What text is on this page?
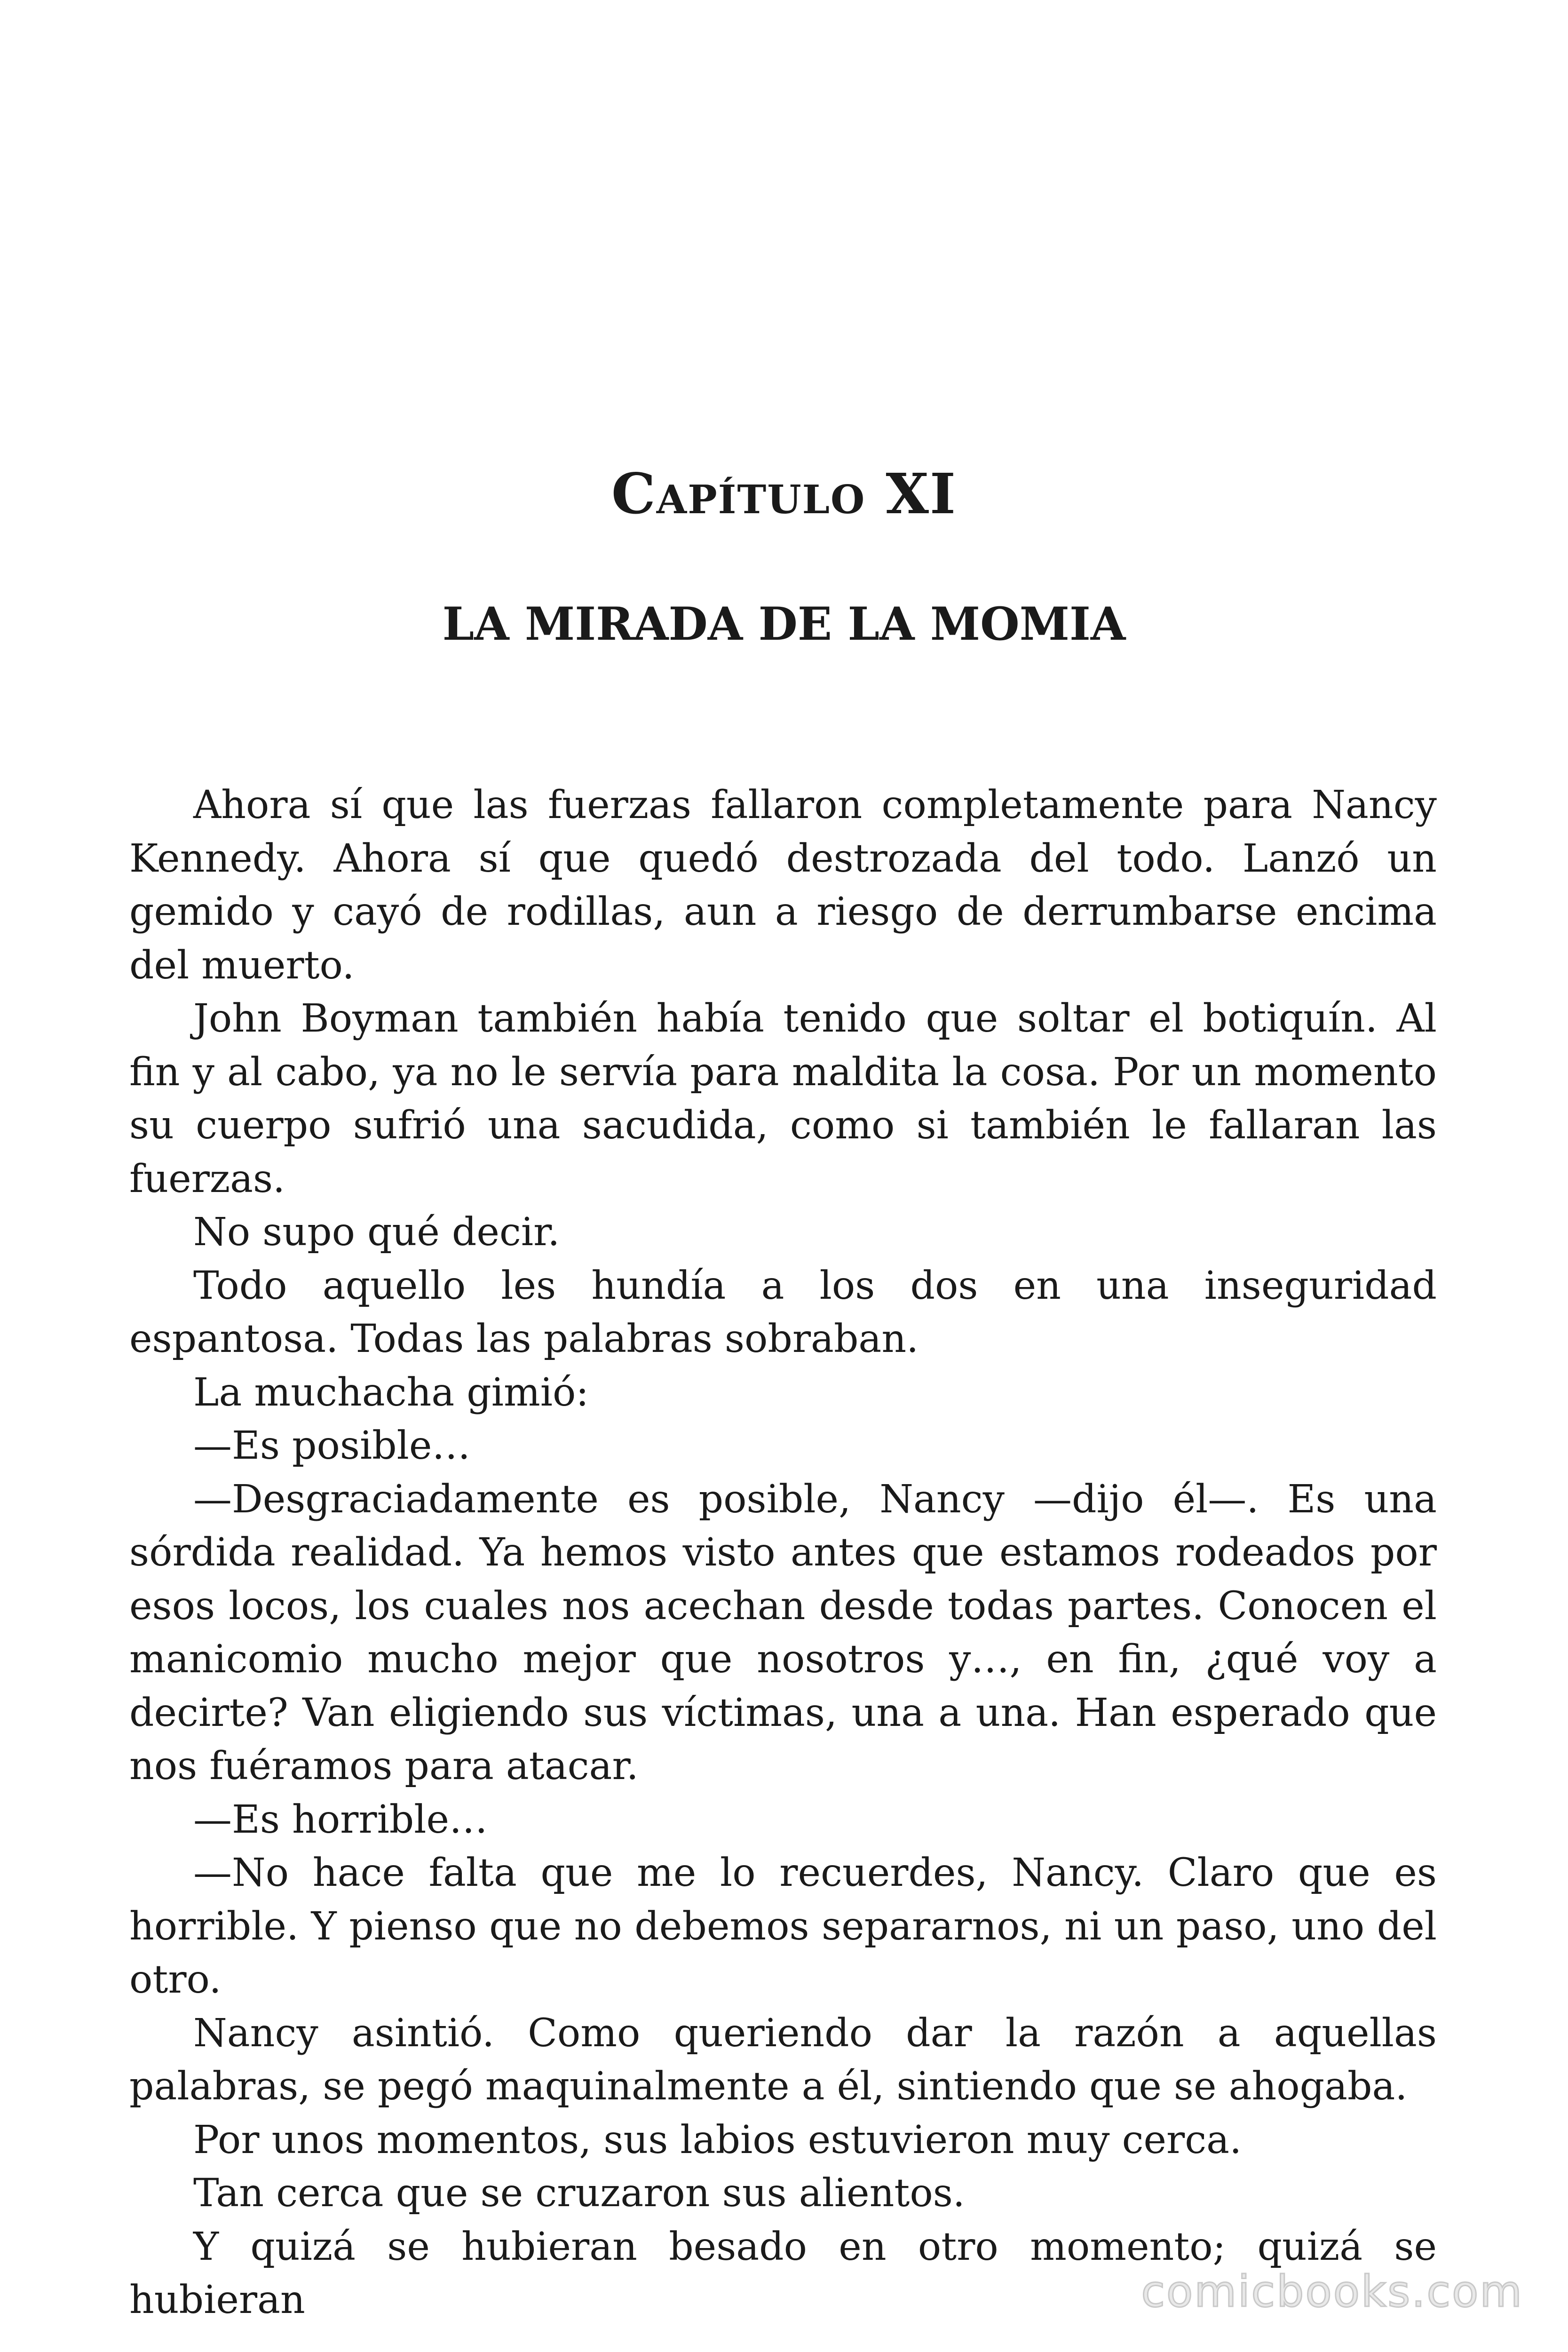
Capítulo XI
LA MIRADA DE LA MOMIA

Ahora sí que las fuerzas fallaron completamente para Nancy Kennedy. Ahora sí que quedó destrozada del todo. Lanzó un gemido y cayó de rodillas, aun a riesgo de derrumbarse encima del muerto.

John Boyman también había tenido que soltar el botiquín. Al fin y al cabo, ya no le servía para maldita la cosa. Por un momento su cuerpo sufrió una sacudida, como si también le fallaran las fuerzas.

No supo qué decir.

Todo aquello les hundía a los dos en una inseguridad espantosa. Todas las palabras sobraban.

La muchacha gimió:

—Es posible…

—Desgraciadamente es posible, Nancy —dijo él—. Es una sórdida realidad. Ya hemos visto antes que estamos rodeados por esos locos, los cuales nos acechan desde todas partes. Conocen el manicomio mucho mejor que nosotros y…, en fin, ¿qué voy a decirte? Van eligiendo sus víctimas, una a una. Han esperado que nos fuéramos para atacar.

—Es horrible…

—No hace falta que me lo recuerdes, Nancy. Claro que es horrible. Y pienso que no debemos separarnos, ni un paso, uno del otro.

Nancy asintió. Como queriendo dar la razón a aquellas palabras, se pegó maquinalmente a él, sintiendo que se ahogaba.

Por unos momentos, sus labios estuvieron muy cerca.

Tan cerca que se cruzaron sus alientos.

Y quizá se hubieran besado en otro momento; quizá se hubieran	comicbooks.com
